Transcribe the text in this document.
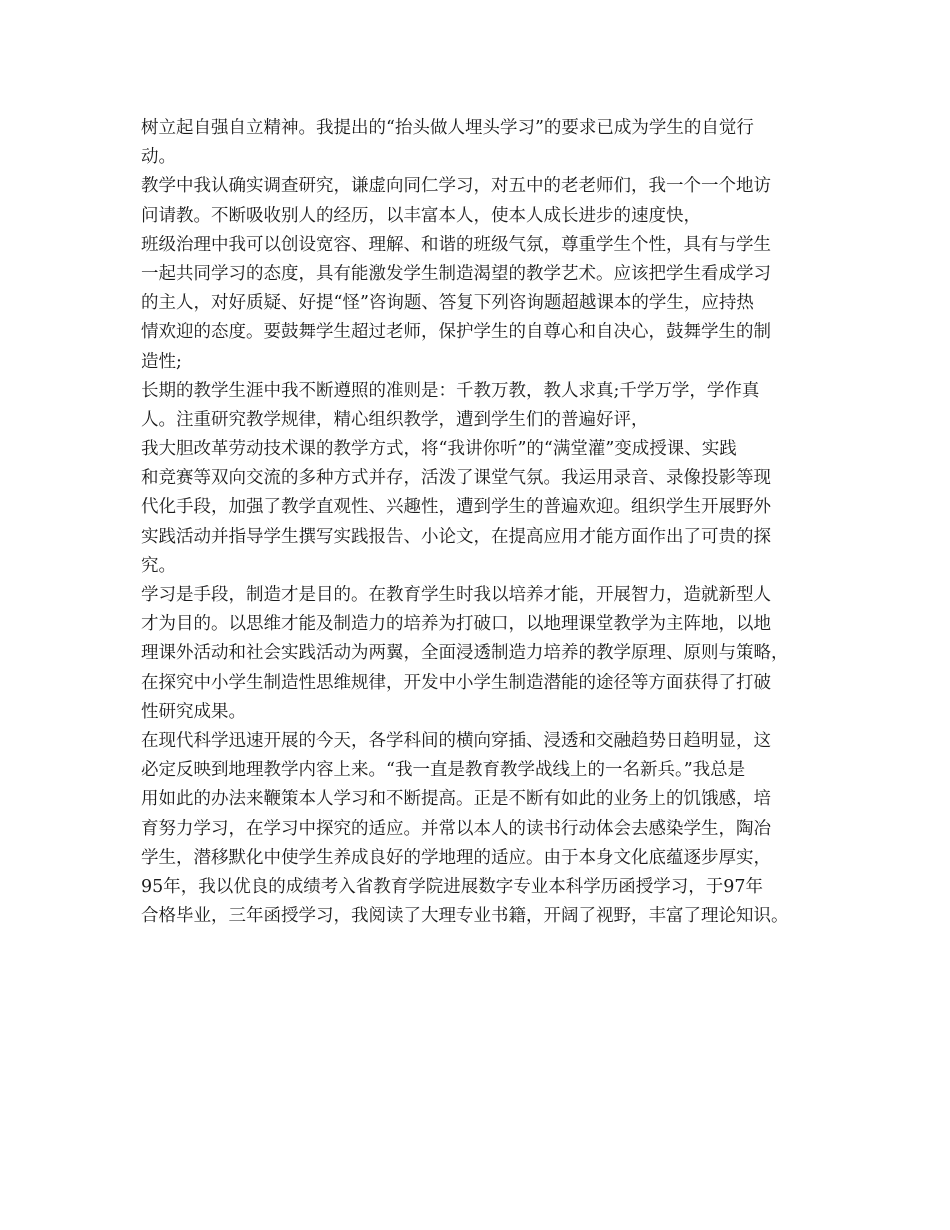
树立起自强自立精神。我提出的“抬头做人埋头学习”的要求已成为学生的自觉行
动。
教学中我认确实调查研究，谦虚向同仁学习，对五中的老老师们，我一个一个地访
问请教。不断吸收别人的经历，以丰富本人，使本人成长进步的速度快，
班级治理中我可以创设宽容、理解、和谐的班级气氛，尊重学生个性，具有与学生
一起共同学习的态度，具有能激发学生制造渴望的教学艺术。应该把学生看成学习
的主人，对好质疑、好提“怪”咨询题、答复下列咨询题超越课本的学生，应持热
情欢迎的态度。要鼓舞学生超过老师，保护学生的自尊心和自决心，鼓舞学生的制
造性;
长期的教学生涯中我不断遵照的准则是：千教万教，教人求真;千学万学，学作真
人。注重研究教学规律，精心组织教学，遭到学生们的普遍好评，
我大胆改革劳动技术课的教学方式，将“我讲你听”的“满堂灌”变成授课、实践
和竞赛等双向交流的多种方式并存，活泼了课堂气氛。我运用录音、录像投影等现
代化手段，加强了教学直观性、兴趣性，遭到学生的普遍欢迎。组织学生开展野外
实践活动并指导学生撰写实践报告、小论文，在提高应用才能方面作出了可贵的探
究。
学习是手段，制造才是目的。在教育学生时我以培养才能，开展智力，造就新型人
才为目的。以思维才能及制造力的培养为打破口，以地理课堂教学为主阵地，以地
理课外活动和社会实践活动为两翼，全面浸透制造力培养的教学原理、原则与策略，
在探究中小学生制造性思维规律，开发中小学生制造潜能的途径等方面获得了打破
性研究成果。
在现代科学迅速开展的今天，各学科间的横向穿插、浸透和交融趋势日趋明显，这
必定反映到地理教学内容上来。“我一直是教育教学战线上的一名新兵。”我总是
用如此的办法来鞭策本人学习和不断提高。正是不断有如此的业务上的饥饿感，培
育努力学习，在学习中探究的适应。并常以本人的读书行动体会去感染学生，陶冶
学生，潜移默化中使学生养成良好的学地理的适应。由于本身文化底蕴逐步厚实，
95年，我以优良的成绩考入省教育学院进展数字专业本科学历函授学习，于97年
合格毕业，三年函授学习，我阅读了大理专业书籍，开阔了视野，丰富了理论知识。
